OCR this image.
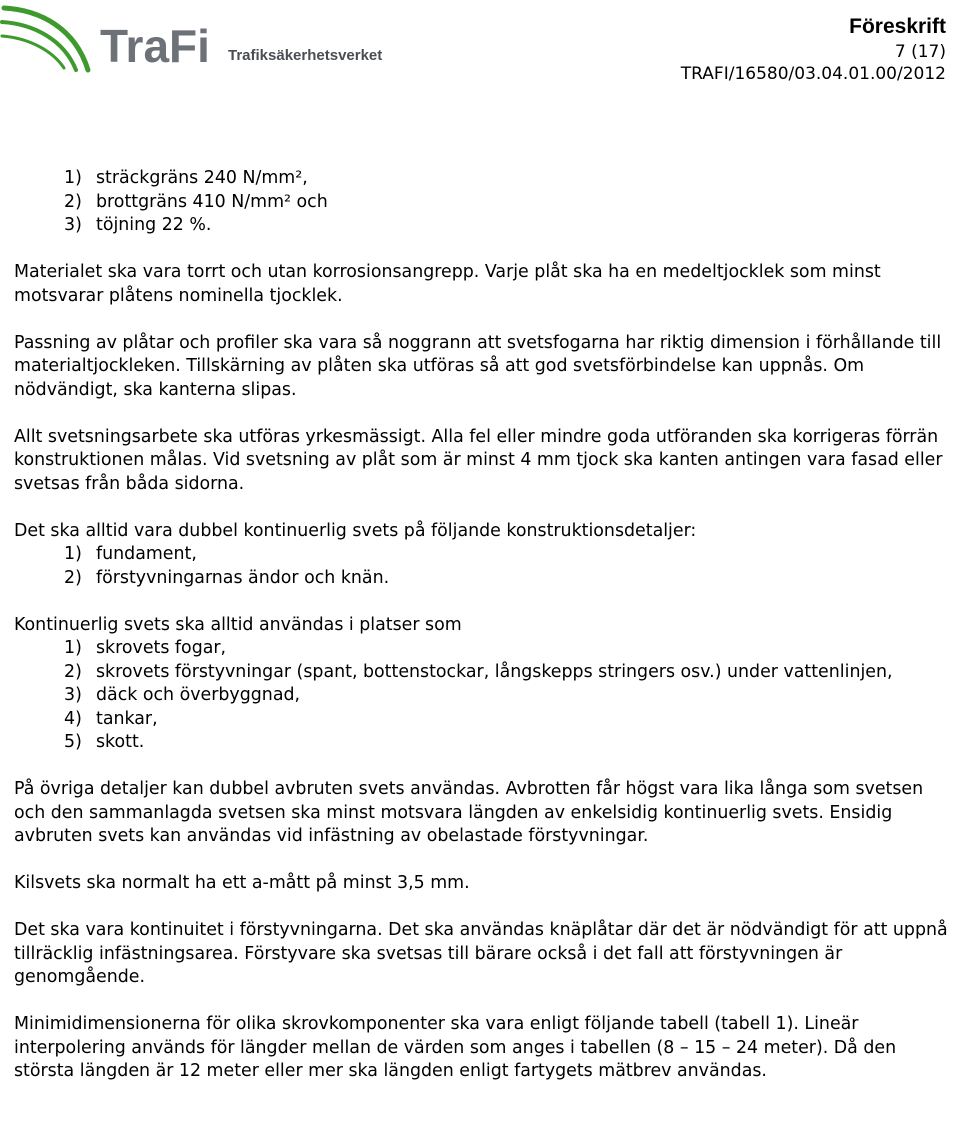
TraFi Trafiksäkerhetsverket
Föreskrift
7 (17)
TRAFI/16580/03.04.01.00/2012
1) sträckgräns 240 N/mm²,
2) brottgräns 410 N/mm² och
3) töjning 22 %.

Materialet ska vara torrt och utan korrosionsangrepp. Varje plåt ska ha en medeltjocklek som minst motsvarar plåtens nominella tjocklek.

Passning av plåtar och profiler ska vara så noggrann att svetsfogarna har riktig dimension i förhållande till materialtjockleken. Tillskärning av plåten ska utföras så att god svetsförbindelse kan uppnås. Om nödvändigt, ska kanterna slipas.

Allt svetsningsarbete ska utföras yrkesmässigt. Alla fel eller mindre goda utföranden ska korrigeras förrän konstruktionen målas. Vid svetsning av plåt som är minst 4 mm tjock ska kanten antingen vara fasad eller svetsas från båda sidorna.

Det ska alltid vara dubbel kontinuerlig svets på följande konstruktionsdetaljer:

1) fundament,
2) förstyvningarnas ändor och knän.

Kontinuerlig svets ska alltid användas i platser som

1) skrovets fogar,
2) skrovets förstyvningar (spant, bottenstockar, långskepps stringers osv.) under vattenlinjen,
3) däck och överbyggnad,
4) tankar,
5) skott.

På övriga detaljer kan dubbel avbruten svets användas. Avbrotten får högst vara lika långa som svetsen och den sammanlagda svetsen ska minst motsvara längden av enkelsidig kontinuerlig svets. Ensidig avbruten svets kan användas vid infästning av obelastade förstyvningar.

Kilsvets ska normalt ha ett a-mått på minst 3,5 mm.

Det ska vara kontinuitet i förstyvningarna. Det ska användas knäplåtar där det är nödvändigt för att uppnå tillräcklig infästningsarea. Förstyvare ska svetsas till bärare också i det fall att förstyvningen är genomgående.

Minimidimensionerna för olika skrovkomponenter ska vara enligt följande tabell (tabell 1). Lineär interpolering används för längder mellan de värden som anges i tabellen (8 – 15 – 24 meter). Då den största längden är 12 meter eller mer ska längden enligt fartygets mätbrev användas.
